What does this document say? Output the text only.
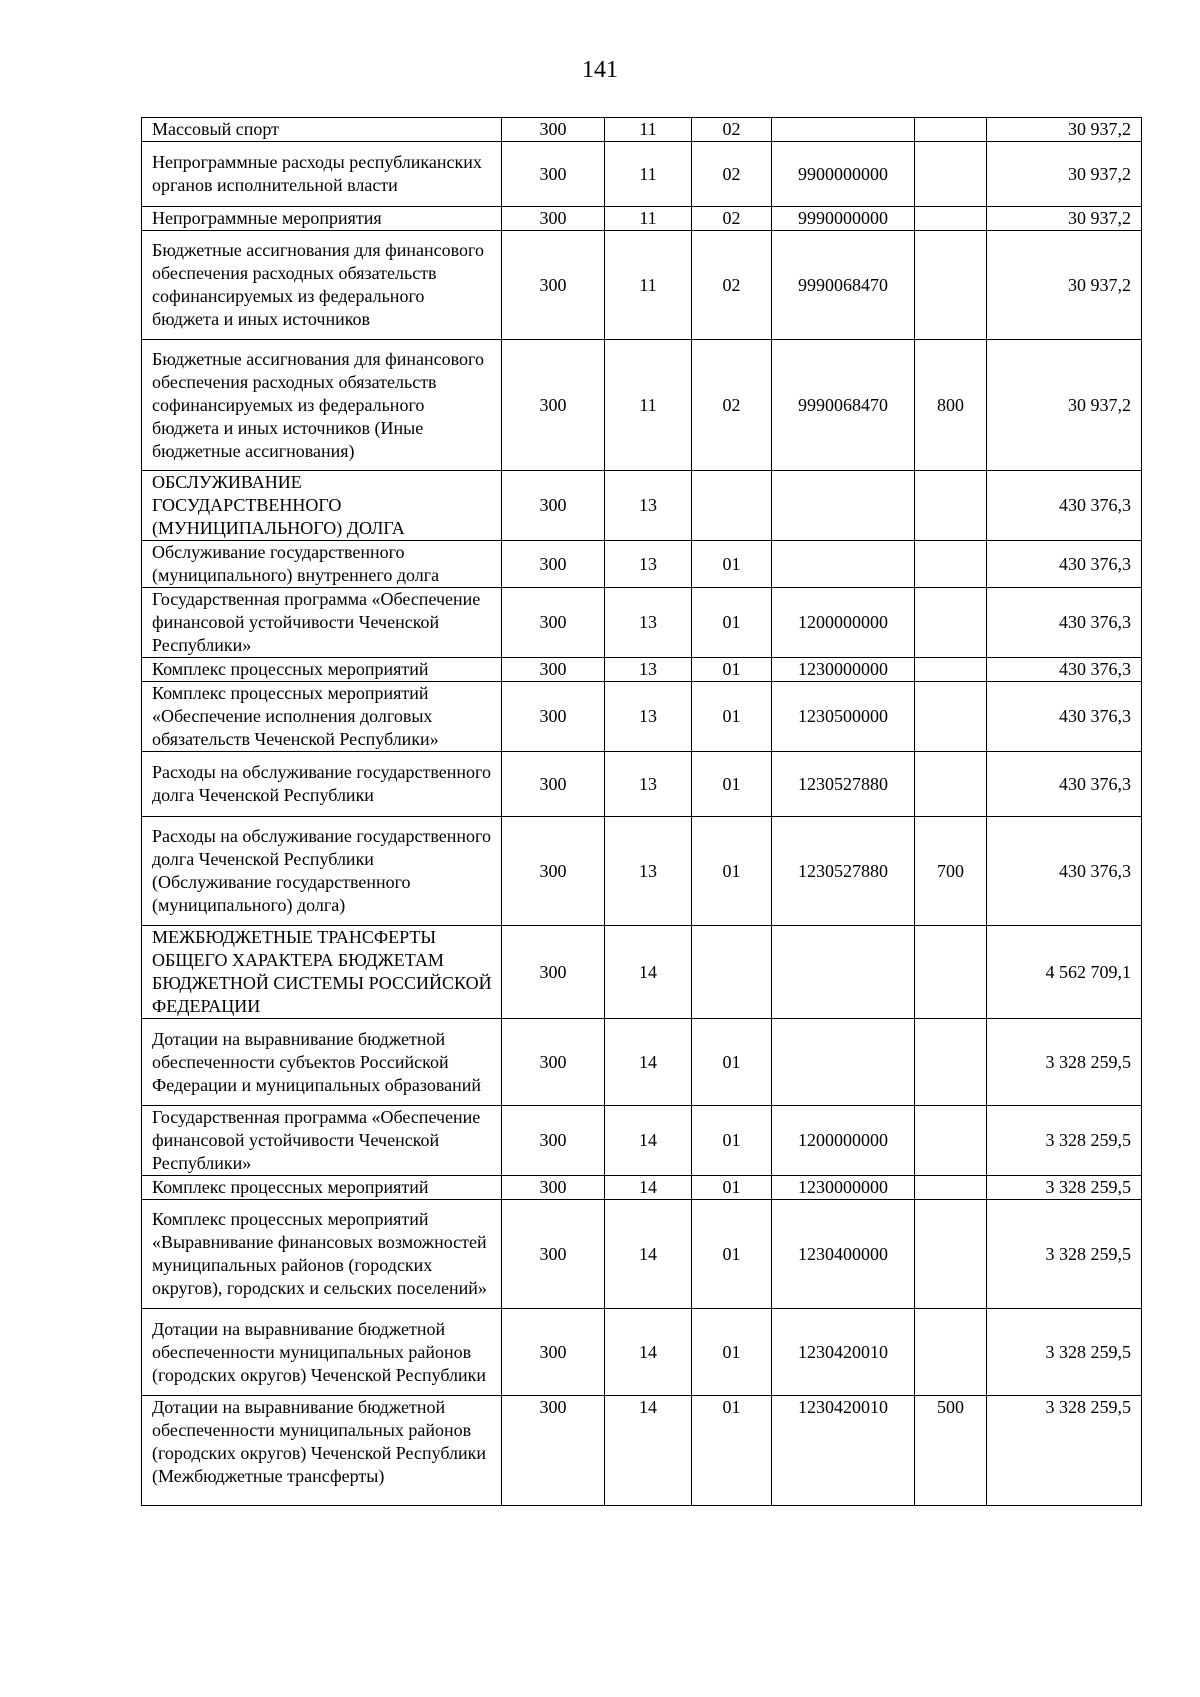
141
Массовый спорт	300	11	02			30 937,2
Непрограммные расходы республиканских органов исполнительной власти	300	11	02	9900000000		30 937,2
Непрограммные мероприятия	300	11	02	9990000000		30 937,2
Бюджетные ассигнования для финансового обеспечения расходных обязательств софинансируемых из федерального бюджета и иных источников	300	11	02	9990068470		30 937,2
Бюджетные ассигнования для финансового обеспечения расходных обязательств софинансируемых из федерального бюджета и иных источников (Иные бюджетные ассигнования)	300	11	02	9990068470	800	30 937,2
ОБСЛУЖИВАНИЕ ГОСУДАРСТВЕННОГО (МУНИЦИПАЛЬНОГО) ДОЛГА	300	13				430 376,3
Обслуживание государственного (муниципального) внутреннего долга	300	13	01			430 376,3
Государственная программа «Обеспечение финансовой устойчивости Чеченской Республики»	300	13	01	1200000000		430 376,3
Комплекс процессных мероприятий	300	13	01	1230000000		430 376,3
Комплекс процессных мероприятий «Обеспечение исполнения долговых обязательств Чеченской Республики»	300	13	01	1230500000		430 376,3
Расходы на обслуживание государственного долга Чеченской Республики	300	13	01	1230527880		430 376,3
Расходы на обслуживание государственного долга Чеченской Республики (Обслуживание государственного (муниципального) долга)	300	13	01	1230527880	700	430 376,3
МЕЖБЮДЖЕТНЫЕ ТРАНСФЕРТЫ ОБЩЕГО ХАРАКТЕРА БЮДЖЕТАМ БЮДЖЕТНОЙ СИСТЕМЫ РОССИЙСКОЙ ФЕДЕРАЦИИ	300	14				4 562 709,1
Дотации на выравнивание бюджетной обеспеченности субъектов Российской Федерации и муниципальных образований	300	14	01			3 328 259,5
Государственная программа «Обеспечение финансовой устойчивости Чеченской Республики»	300	14	01	1200000000		3 328 259,5
Комплекс процессных мероприятий	300	14	01	1230000000		3 328 259,5
Комплекс процессных мероприятий «Выравнивание финансовых возможностей муниципальных районов (городских округов), городских и сельских поселений»	300	14	01	1230400000		3 328 259,5
Дотации на выравнивание бюджетной обеспеченности муниципальных районов (городских округов) Чеченской Республики	300	14	01	1230420010		3 328 259,5
Дотации на выравнивание бюджетной обеспеченности муниципальных районов (городских округов) Чеченской Республики (Межбюджетные трансферты)	300	14	01	1230420010	500	3 328 259,5
